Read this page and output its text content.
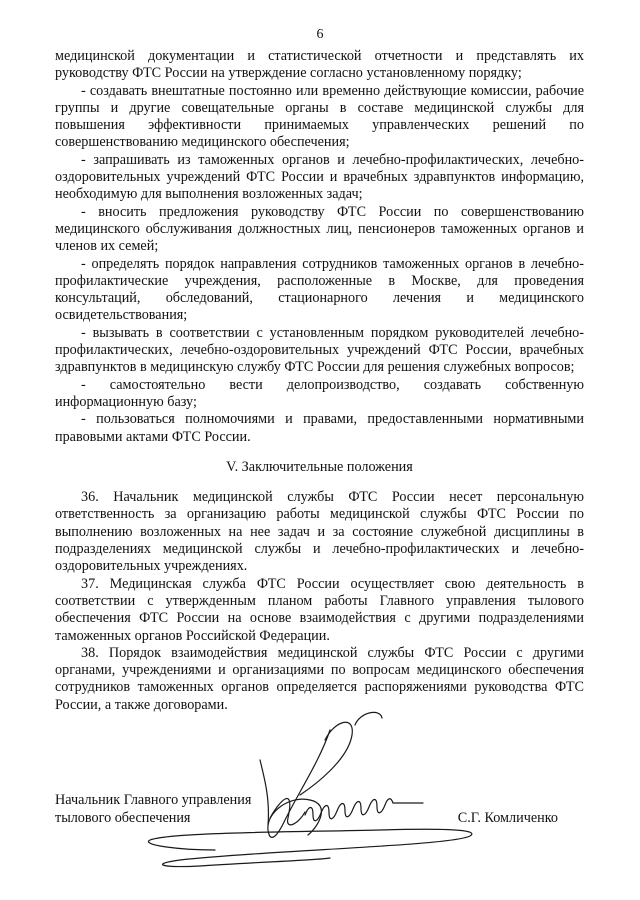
6

медицинской документации и статистической отчетности и представлять их руководству ФТС России на утверждение согласно установленному порядку;

- создавать внештатные постоянно или временно действующие комиссии, рабочие группы и другие совещательные органы в составе медицинской службы для повышения эффективности принимаемых управленческих решений по совершенствованию медицинского обеспечения;

- запрашивать из таможенных органов и лечебно-профилактических, лечебно-оздоровительных учреждений ФТС России и врачебных здравпунктов информацию, необходимую для выполнения возложенных задач;

- вносить предложения руководству ФТС России по совершенствованию медицинского обслуживания должностных лиц, пенсионеров таможенных органов и членов их семей;

- определять порядок направления сотрудников таможенных органов в лечебно-профилактические учреждения, расположенные в Москве, для проведения консультаций, обследований, стационарного лечения и медицинского освидетельствования;

- вызывать в соответствии с установленным порядком руководителей лечебно-профилактических, лечебно-оздоровительных учреждений ФТС России, врачебных здравпунктов в медицинскую службу ФТС России для решения служебных вопросов;

- самостоятельно вести делопроизводство, создавать собственную информационную базу;

- пользоваться полномочиями и правами, предоставленными нормативными правовыми актами ФТС России.

V. Заключительные положения

36. Начальник медицинской службы ФТС России несет персональную ответственность за организацию работы медицинской службы ФТС России по выполнению возложенных на нее задач и за состояние служебной дисциплины в подразделениях медицинской службы и лечебно-профилактических и лечебно-оздоровительных учреждениях.

37. Медицинская служба ФТС России осуществляет свою деятельность в соответствии с утвержденным планом работы Главного управления тылового обеспечения ФТС России на основе взаимодействия с другими подразделениями таможенных органов Российской Федерации.

38. Порядок взаимодействия медицинской службы ФТС России с другими органами, учреждениями и организациями по вопросам медицинского обеспечения сотрудников таможенных органов определяется распоряжениями руководства ФТС России, а также договорами.

Начальник Главного управления
тылового обеспечения	С.Г. Комличенко
